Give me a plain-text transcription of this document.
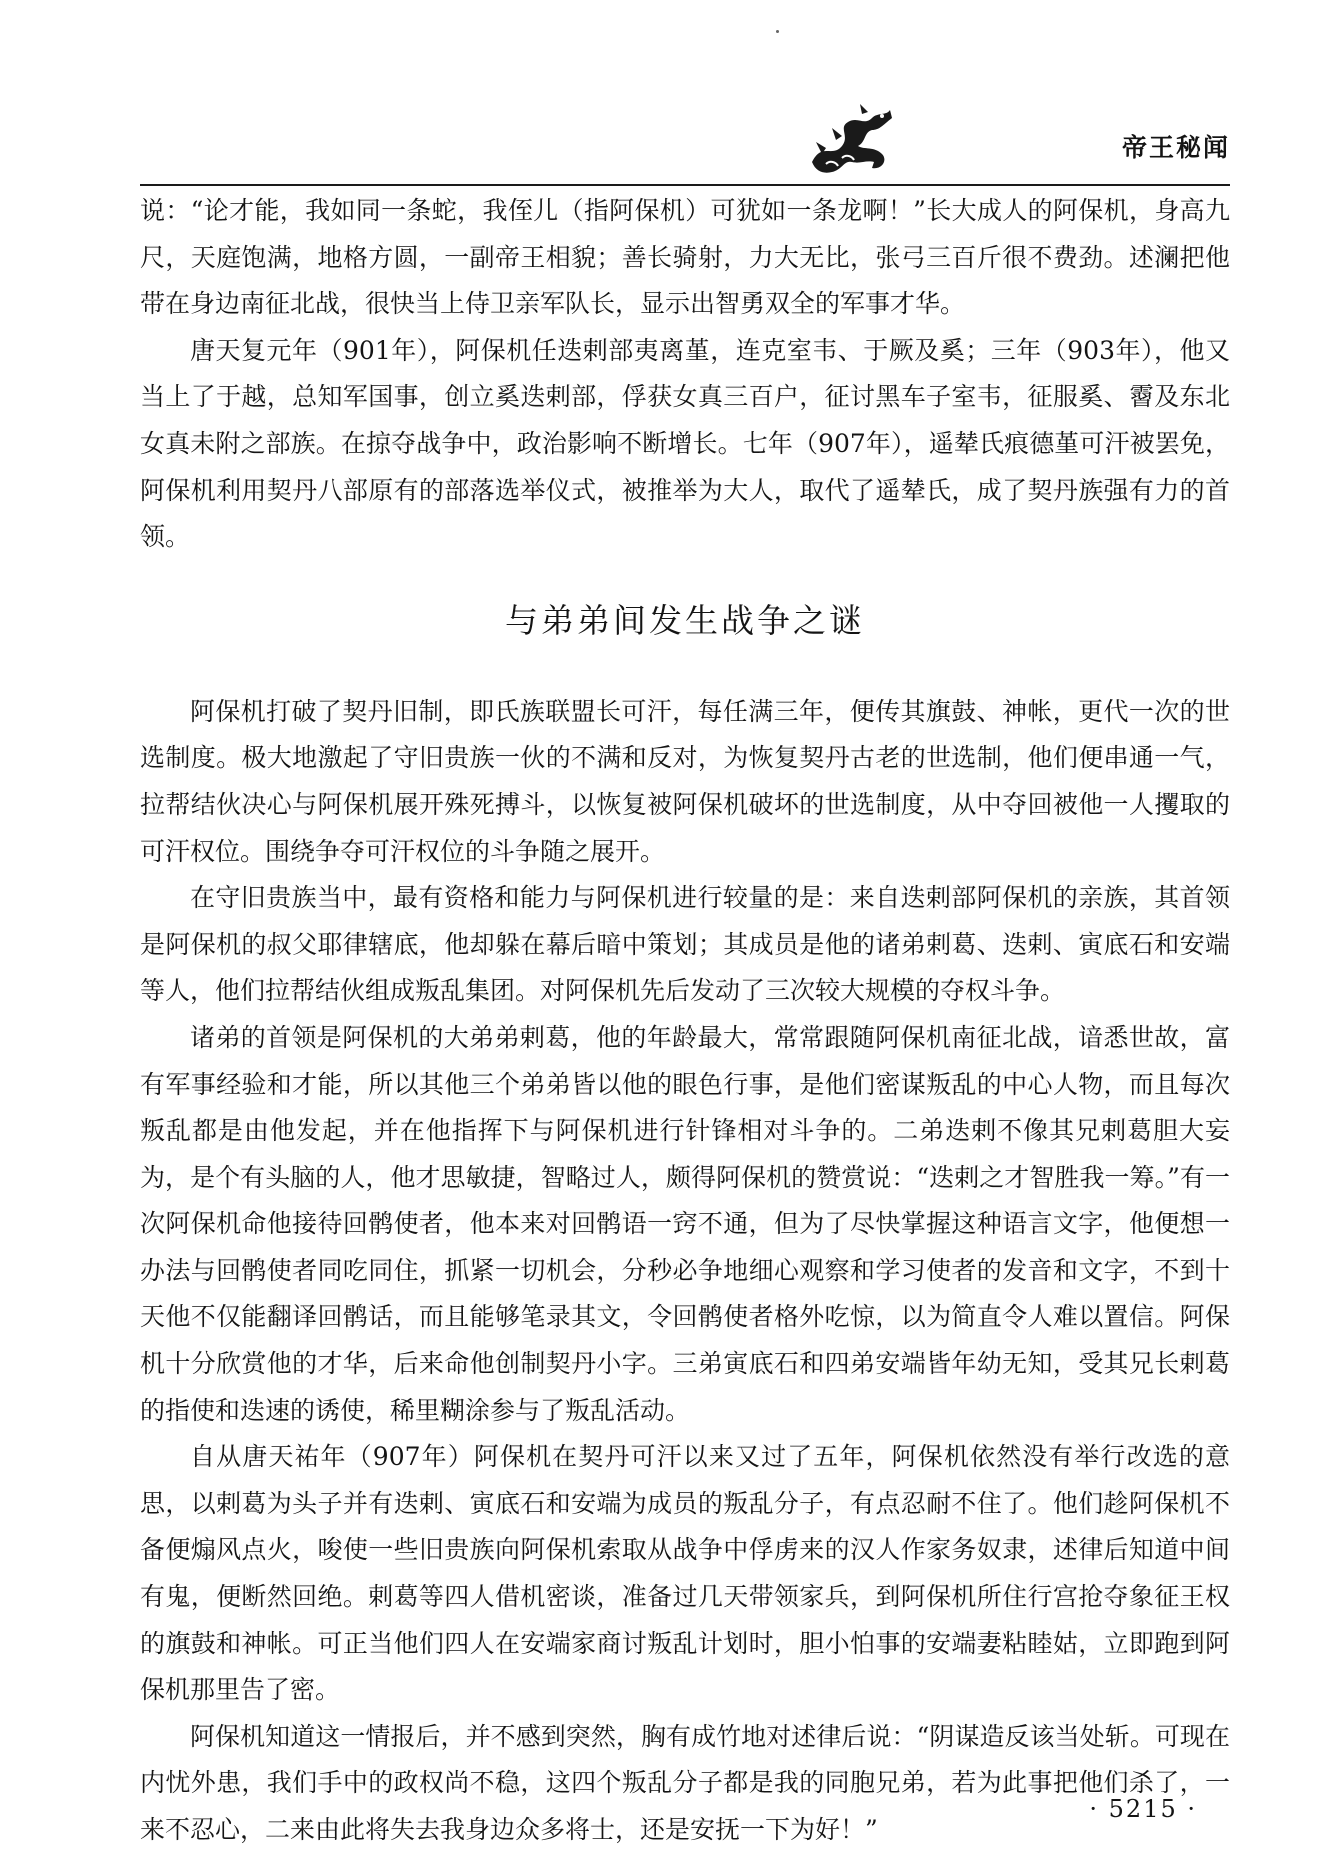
帝王秘闻

说：“论才能，我如同一条蛇，我侄儿（指阿保机）可犹如一条龙啊！”长大成人的阿保机，身高九尺，天庭饱满，地格方圆，一副帝王相貌；善长骑射，力大无比，张弓三百斤很不费劲。述澜把他带在身边南征北战，很快当上侍卫亲军队长，显示出智勇双全的军事才华。

唐天复元年（901年），阿保机任迭剌部夷离堇，连克室韦、于厥及奚；三年（903年），他又当上了于越，总知军国事，创立奚迭剌部，俘获女真三百户，征讨黑车子室韦，征服奚、霫及东北女真未附之部族。在掠夺战争中，政治影响不断增长。七年（907年），遥辇氏痕德堇可汗被罢免，阿保机利用契丹八部原有的部落选举仪式，被推举为大人，取代了遥辇氏，成了契丹族强有力的首领。

与弟弟间发生战争之谜

阿保机打破了契丹旧制，即氏族联盟长可汗，每任满三年，便传其旗鼓、神帐，更代一次的世选制度。极大地激起了守旧贵族一伙的不满和反对，为恢复契丹古老的世选制，他们便串通一气，拉帮结伙决心与阿保机展开殊死搏斗，以恢复被阿保机破坏的世选制度，从中夺回被他一人攫取的可汗权位。围绕争夺可汗权位的斗争随之展开。

在守旧贵族当中，最有资格和能力与阿保机进行较量的是：来自迭剌部阿保机的亲族，其首领是阿保机的叔父耶律辖底，他却躲在幕后暗中策划；其成员是他的诸弟剌葛、迭剌、寅底石和安端等人，他们拉帮结伙组成叛乱集团。对阿保机先后发动了三次较大规模的夺权斗争。

诸弟的首领是阿保机的大弟弟剌葛，他的年龄最大，常常跟随阿保机南征北战，谙悉世故，富有军事经验和才能，所以其他三个弟弟皆以他的眼色行事，是他们密谋叛乱的中心人物，而且每次叛乱都是由他发起，并在他指挥下与阿保机进行针锋相对斗争的。二弟迭剌不像其兄剌葛胆大妄为，是个有头脑的人，他才思敏捷，智略过人，颇得阿保机的赞赏说：“迭剌之才智胜我一筹。”有一次阿保机命他接待回鹘使者，他本来对回鹘语一窍不通，但为了尽快掌握这种语言文字，他便想一办法与回鹘使者同吃同住，抓紧一切机会，分秒必争地细心观察和学习使者的发音和文字，不到十天他不仅能翻译回鹘话，而且能够笔录其文，令回鹘使者格外吃惊，以为简直令人难以置信。阿保机十分欣赏他的才华，后来命他创制契丹小字。三弟寅底石和四弟安端皆年幼无知，受其兄长剌葛的指使和迭速的诱使，稀里糊涂参与了叛乱活动。

自从唐天祐年（907年）阿保机在契丹可汗以来又过了五年，阿保机依然没有举行改选的意思，以剌葛为头子并有迭剌、寅底石和安端为成员的叛乱分子，有点忍耐不住了。他们趁阿保机不备便煽风点火，唆使一些旧贵族向阿保机索取从战争中俘虏来的汉人作家务奴隶，述律后知道中间有鬼，便断然回绝。剌葛等四人借机密谈，准备过几天带领家兵，到阿保机所住行宫抢夺象征王权的旗鼓和神帐。可正当他们四人在安端家商讨叛乱计划时，胆小怕事的安端妻粘睦姑，立即跑到阿保机那里告了密。

阿保机知道这一情报后，并不感到突然，胸有成竹地对述律后说：“阴谋造反该当处斩。可现在内忧外患，我们手中的政权尚不稳，这四个叛乱分子都是我的同胞兄弟，若为此事把他们杀了，一来不忍心，二来由此将失去我身边众多将士，还是安抚一下为好！”

· 5215 ·
